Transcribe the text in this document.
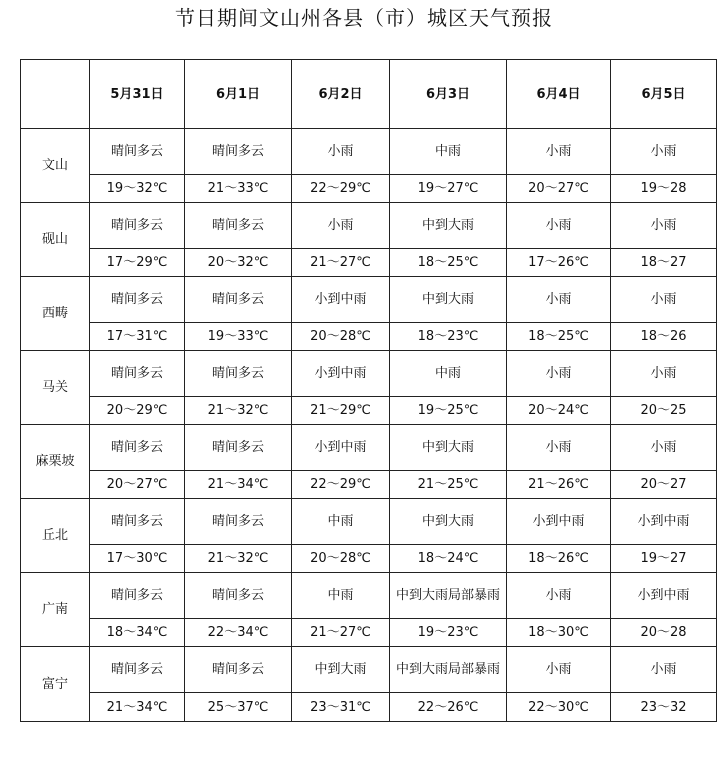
节日期间文山州各县（市）城区天气预报
	5月31日	6月1日	6月2日	6月3日	6月4日	6月5日
文山	晴间多云	晴间多云	小雨	中雨	小雨	小雨
	19～32℃	21～33℃	22～29℃	19～27℃	20～27℃	19～28
砚山	晴间多云	晴间多云	小雨	中到大雨	小雨	小雨
	17～29℃	20～32℃	21～27℃	18～25℃	17～26℃	18～27
西畴	晴间多云	晴间多云	小到中雨	中到大雨	小雨	小雨
	17～31℃	19～33℃	20～28℃	18～23℃	18～25℃	18～26
马关	晴间多云	晴间多云	小到中雨	中雨	小雨	小雨
	20～29℃	21～32℃	21～29℃	19～25℃	20～24℃	20～25
麻栗坡	晴间多云	晴间多云	小到中雨	中到大雨	小雨	小雨
	20～27℃	21～34℃	22～29℃	21～25℃	21～26℃	20～27
丘北	晴间多云	晴间多云	中雨	中到大雨	小到中雨	小到中雨
	17～30℃	21～32℃	20～28℃	18～24℃	18～26℃	19～27
广南	晴间多云	晴间多云	中雨	中到大雨局部暴雨	小雨	小到中雨
	18～34℃	22～34℃	21～27℃	19～23℃	18～30℃	20～28
富宁	晴间多云	晴间多云	中到大雨	中到大雨局部暴雨	小雨	小雨
	21～34℃	25～37℃	23～31℃	22～26℃	22～30℃	23～32
